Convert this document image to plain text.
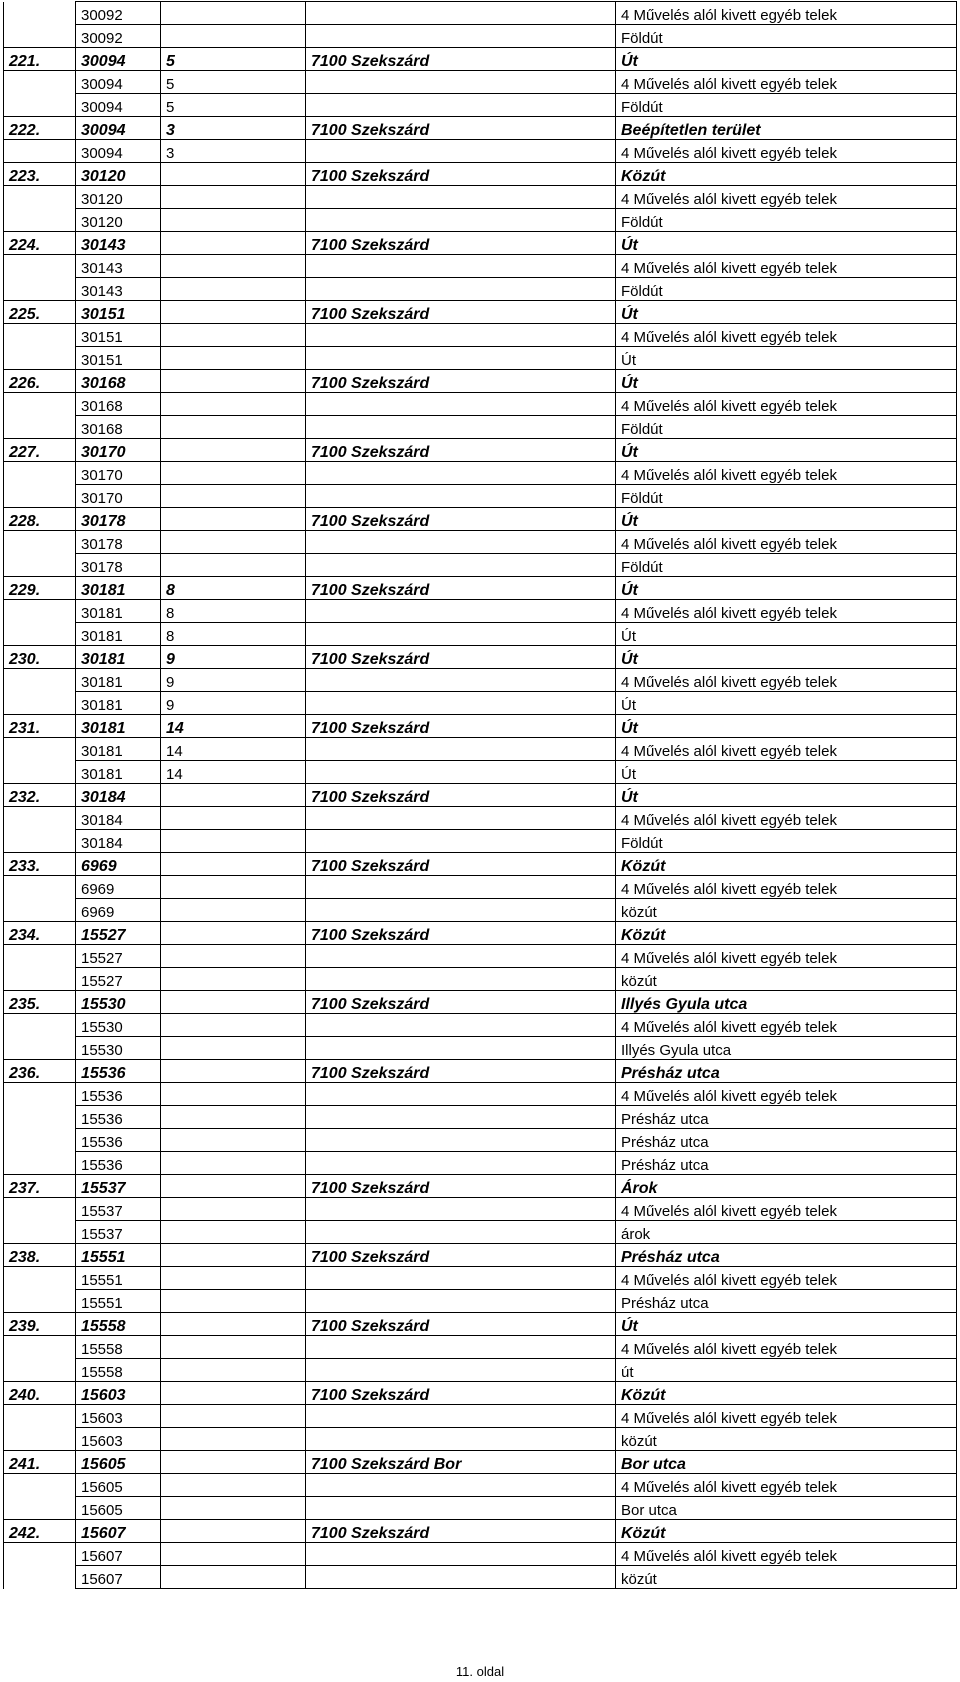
	30092			4 Művelés alól kivett egyéb telek
	30092			Földút
221.	30094	5	7100 Szekszárd	Út
	30094	5		4 Művelés alól kivett egyéb telek
	30094	5		Földút
222.	30094	3	7100 Szekszárd	Beépítetlen terület
	30094	3		4 Művelés alól kivett egyéb telek
223.	30120		7100 Szekszárd	Közút
	30120			4 Művelés alól kivett egyéb telek
	30120			Földút
224.	30143		7100 Szekszárd	Út
	30143			4 Művelés alól kivett egyéb telek
	30143			Földút
225.	30151		7100 Szekszárd	Út
	30151			4 Művelés alól kivett egyéb telek
	30151			Út
226.	30168		7100 Szekszárd	Út
	30168			4 Művelés alól kivett egyéb telek
	30168			Földút
227.	30170		7100 Szekszárd	Út
	30170			4 Művelés alól kivett egyéb telek
	30170			Földút
228.	30178		7100 Szekszárd	Út
	30178			4 Művelés alól kivett egyéb telek
	30178			Földút
229.	30181	8	7100 Szekszárd	Út
	30181	8		4 Művelés alól kivett egyéb telek
	30181	8		Út
230.	30181	9	7100 Szekszárd	Út
	30181	9		4 Művelés alól kivett egyéb telek
	30181	9		Út
231.	30181	14	7100 Szekszárd	Út
	30181	14		4 Művelés alól kivett egyéb telek
	30181	14		Út
232.	30184		7100 Szekszárd	Út
	30184			4 Művelés alól kivett egyéb telek
	30184			Földút
233.	6969		7100 Szekszárd	Közút
	6969			4 Művelés alól kivett egyéb telek
	6969			közút
234.	15527		7100 Szekszárd	Közút
	15527			4 Művelés alól kivett egyéb telek
	15527			közút
235.	15530		7100 Szekszárd	Illyés Gyula utca
	15530			4 Művelés alól kivett egyéb telek
	15530			Illyés Gyula utca
236.	15536		7100 Szekszárd	Présház utca
	15536			4 Művelés alól kivett egyéb telek
	15536			Présház utca
	15536			Présház utca
	15536			Présház utca
237.	15537		7100 Szekszárd	Árok
	15537			4 Művelés alól kivett egyéb telek
	15537			árok
238.	15551		7100 Szekszárd	Présház utca
	15551			4 Művelés alól kivett egyéb telek
	15551			Présház utca
239.	15558		7100 Szekszárd	Út
	15558			4 Művelés alól kivett egyéb telek
	15558			út
240.	15603		7100 Szekszárd	Közút
	15603			4 Művelés alól kivett egyéb telek
	15603			közút
241.	15605		7100 Szekszárd Bor	Bor utca
	15605			4 Művelés alól kivett egyéb telek
	15605			Bor utca
242.	15607		7100 Szekszárd	Közút
	15607			4 Művelés alól kivett egyéb telek
	15607			közút
11. oldal
